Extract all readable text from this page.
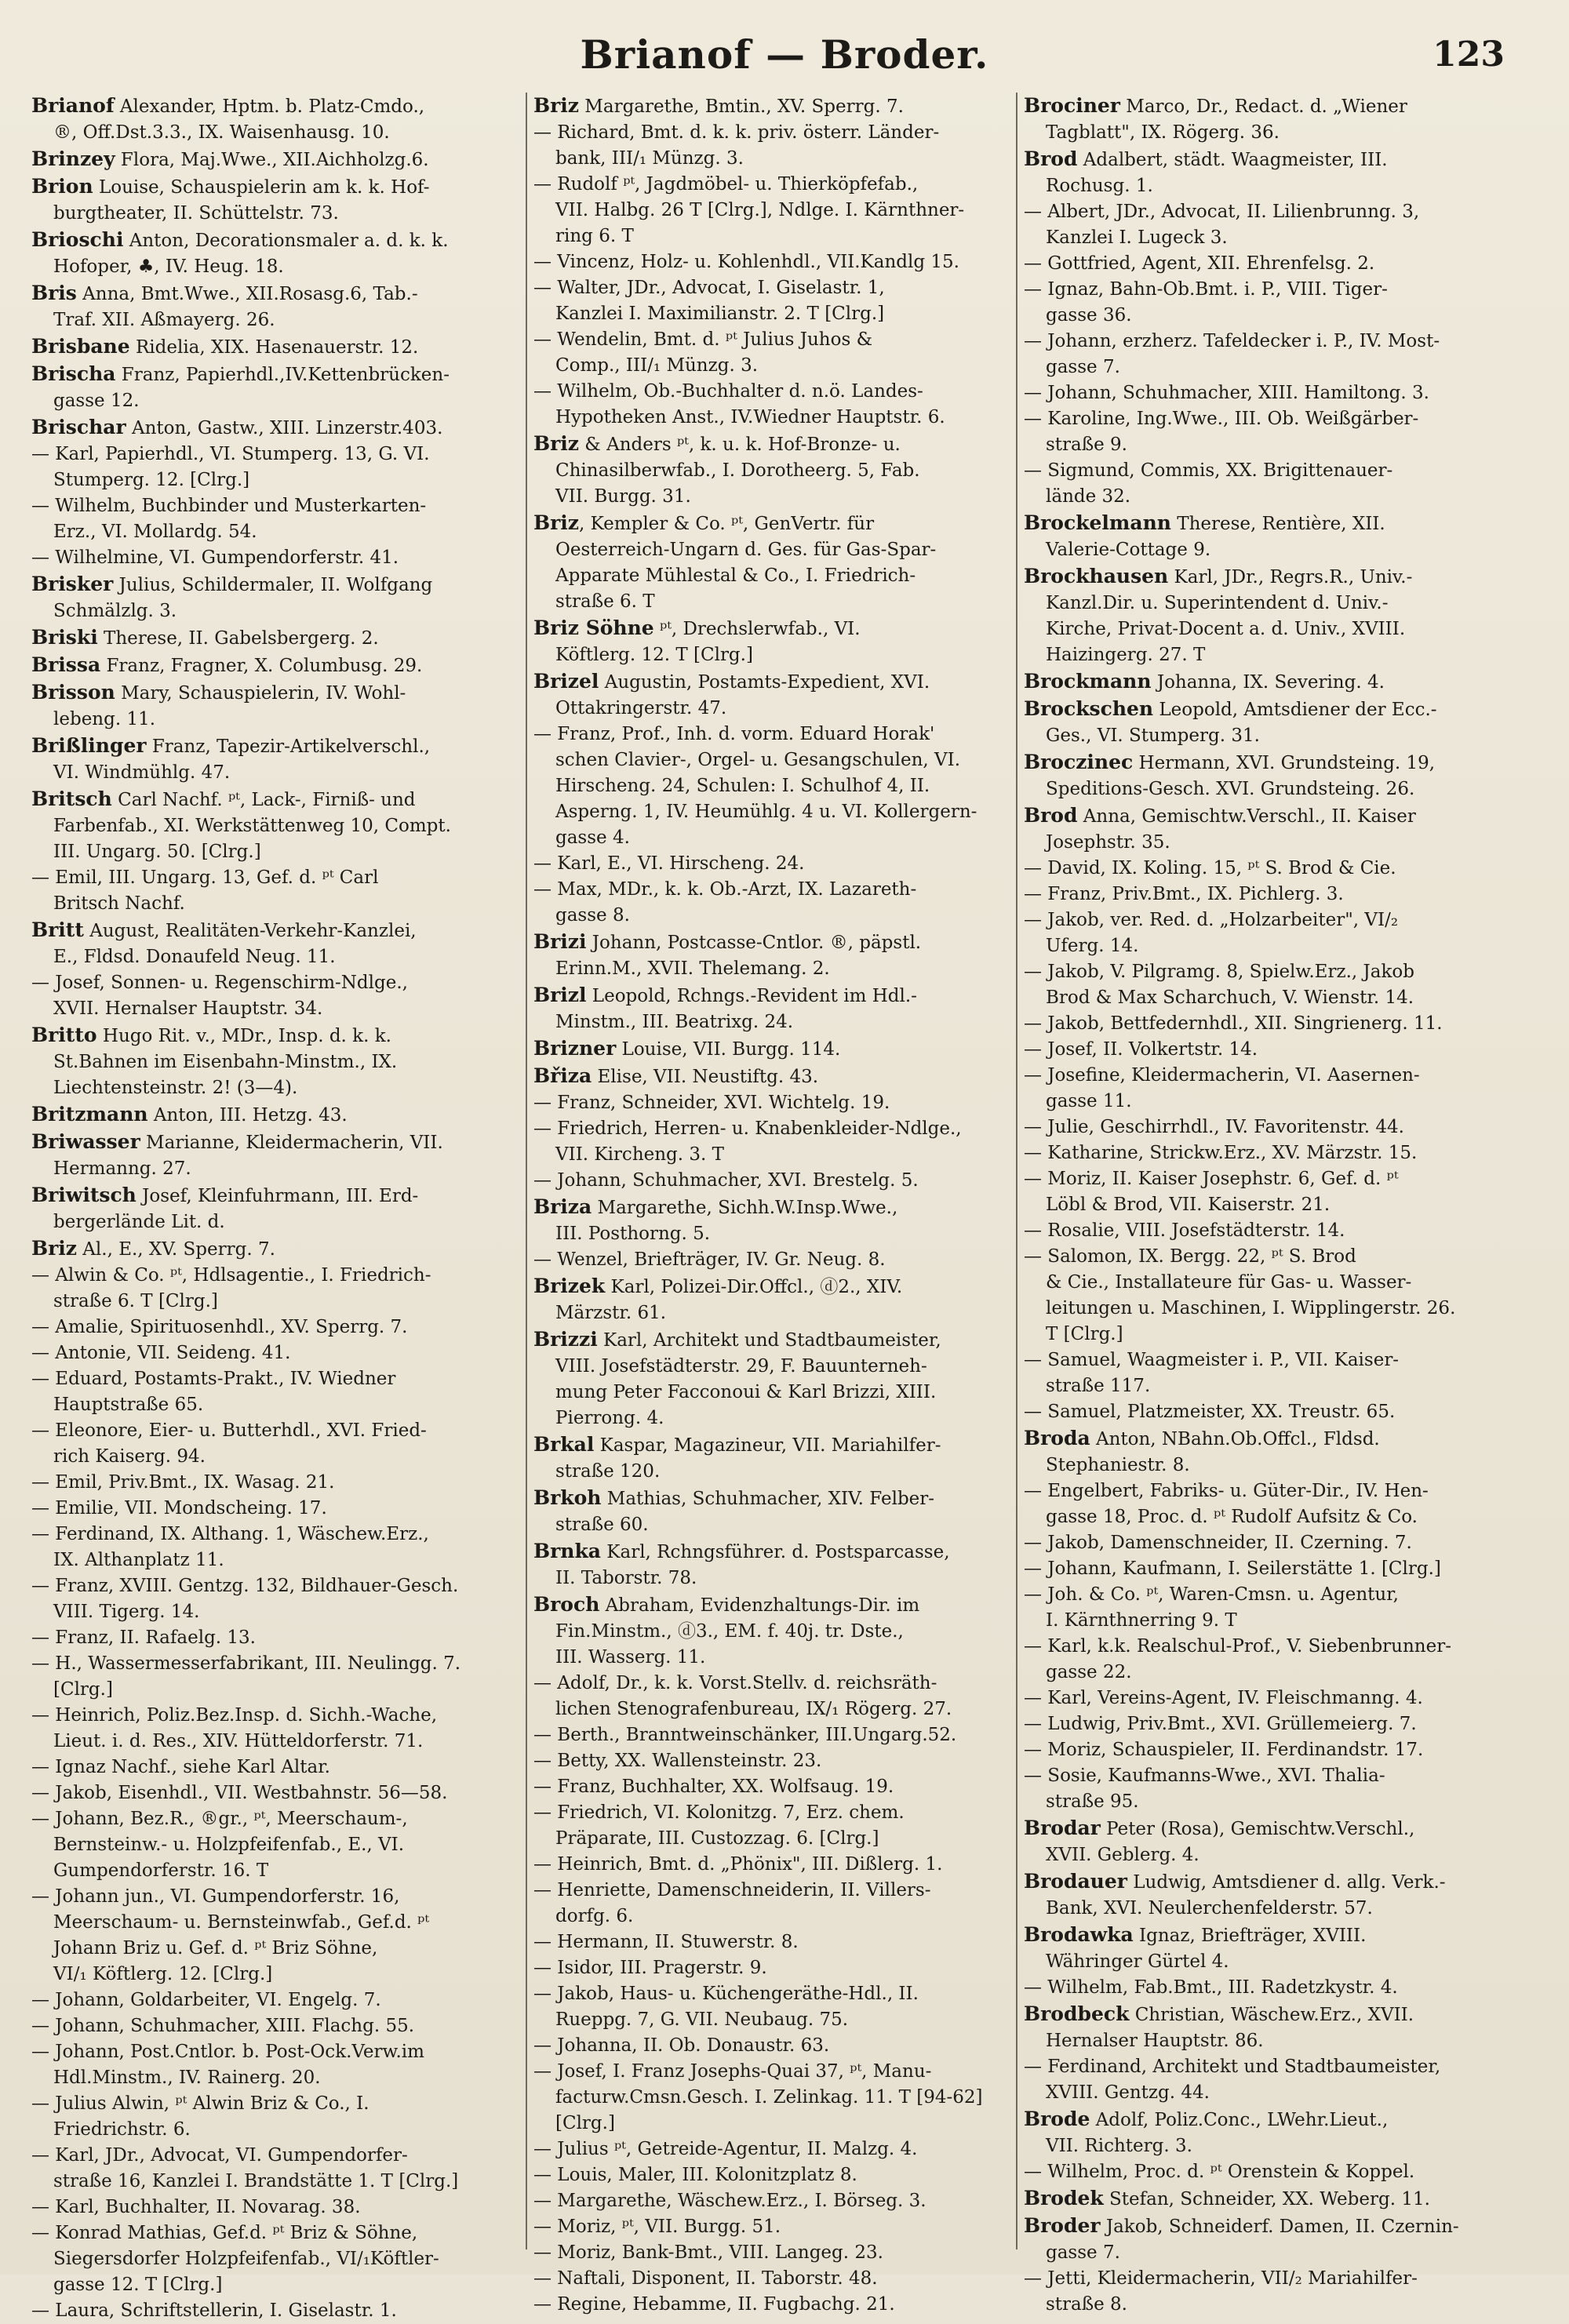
Brianof — Broder.	123
Brianof Alexander, Hptm. b. Platz-Cmdo.,
®, Off.Dst.3.3., IX. Waisenhausg. 10.
Brinzey Flora, Maj.Wwe., XII.Aichholzg.6.
Brion Louise, Schauspielerin am k. k. Hof-
burgtheater, II. Schüttelstr. 73.
Brioschi Anton, Decorationsmaler a. d. k. k.
Hofoper, ♣, IV. Heug. 18.
Bris Anna, Bmt.Wwe., XII.Rosasg.6, Tab.-
Traf. XII. Aßmayerg. 26.
Brisbane Ridelia, XIX. Hasenauerstr. 12.
Brischa Franz, Papierhdl.,IV.Kettenbrücken-
gasse 12.
Brischar Anton, Gastw., XIII. Linzerstr.403.
— Karl, Papierhdl., VI. Stumperg. 13, G. VI.
Stumperg. 12. [Clrg.]
— Wilhelm, Buchbinder und Musterkarten-
Erz., VI. Mollardg. 54.
— Wilhelmine, VI. Gumpendorferstr. 41.
Brisker Julius, Schildermaler, II. Wolfgang
Schmälzlg. 3.
Briski Therese, II. Gabelsbergerg. 2.
Brissa Franz, Fragner, X. Columbusg. 29.
Brisson Mary, Schauspielerin, IV. Wohl-
lebeng. 11.
Brißlinger Franz, Tapezir-Artikelverschl.,
VI. Windmühlg. 47.
Britsch Carl Nachf. ᵖᵗ, Lack-, Firniß- und
Farbenfab., XI. Werkstättenweg 10, Compt.
III. Ungarg. 50. [Clrg.]
— Emil, III. Ungarg. 13, Gef. d. ᵖᵗ Carl
Britsch Nachf.
Britt August, Realitäten-Verkehr-Kanzlei,
E., Fldsd. Donaufeld Neug. 11.
— Josef, Sonnen- u. Regenschirm-Ndlge.,
XVII. Hernalser Hauptstr. 34.
Britto Hugo Rit. v., MDr., Insp. d. k. k.
St.Bahnen im Eisenbahn-Minstm., IX.
Liechtensteinstr. 2! (3—4).
Britzmann Anton, III. Hetzg. 43.
Briwasser Marianne, Kleidermacherin, VII.
Hermanng. 27.
Briwitsch Josef, Kleinfuhrmann, III. Erd-
bergerlände Lit. d.
Briz Al., E., XV. Sperrg. 7.
— Alwin & Co. ᵖᵗ, Hdlsagentie., I. Friedrich-
straße 6. T [Clrg.]
— Amalie, Spirituosenhdl., XV. Sperrg. 7.
— Antonie, VII. Seideng. 41.
— Eduard, Postamts-Prakt., IV. Wiedner
Hauptstraße 65.
— Eleonore, Eier- u. Butterhdl., XVI. Fried-
rich Kaiserg. 94.
— Emil, Priv.Bmt., IX. Wasag. 21.
— Emilie, VII. Mondscheing. 17.
— Ferdinand, IX. Althang. 1, Wäschew.Erz.,
IX. Althanplatz 11.
— Franz, XVIII. Gentzg. 132, Bildhauer-Gesch.
VIII. Tigerg. 14.
— Franz, II. Rafaelg. 13.
— H., Wassermesserfabrikant, III. Neulingg. 7.
[Clrg.]
— Heinrich, Poliz.Bez.Insp. d. Sichh.-Wache,
Lieut. i. d. Res., XIV. Hütteldorferstr. 71.
— Ignaz Nachf., siehe Karl Altar.
— Jakob, Eisenhdl., VII. Westbahnstr. 56—58.
— Johann, Bez.R., ®gr., ᵖᵗ, Meerschaum-,
Bernsteinw.- u. Holzpfeifenfab., E., VI.
Gumpendorferstr. 16. T
— Johann jun., VI. Gumpendorferstr. 16,
Meerschaum- u. Bernsteinwfab., Gef.d. ᵖᵗ
Johann Briz u. Gef. d. ᵖᵗ Briz Söhne,
VI/₁ Köftlerg. 12. [Clrg.]
— Johann, Goldarbeiter, VI. Engelg. 7.
— Johann, Schuhmacher, XIII. Flachg. 55.
— Johann, Post.Cntlor. b. Post-Ock.Verw.im
Hdl.Minstm., IV. Rainerg. 20.
— Julius Alwin, ᵖᵗ Alwin Briz & Co., I.
Friedrichstr. 6.
— Karl, JDr., Advocat, VI. Gumpendorfer-
straße 16, Kanzlei I. Brandstätte 1. T [Clrg.]
— Karl, Buchhalter, II. Novarag. 38.
— Konrad Mathias, Gef.d. ᵖᵗ Briz & Söhne,
Siegersdorfer Holzpfeifenfab., VI/₁Köftler-
gasse 12. T [Clrg.]
— Laura, Schriftstellerin, I. Giselastr. 1.
Briz Margarethe, Bmtin., XV. Sperrg. 7.
— Richard, Bmt. d. k. k. priv. österr. Länder-
bank, III/₁ Münzg. 3.
— Rudolf ᵖᵗ, Jagdmöbel- u. Thierköpfefab.,
VII. Halbg. 26 T [Clrg.], Ndlge. I. Kärnthner-
ring 6. T
— Vincenz, Holz- u. Kohlenhdl., VII.Kandlg 15.
— Walter, JDr., Advocat, I. Giselastr. 1,
Kanzlei I. Maximilianstr. 2. T [Clrg.]
— Wendelin, Bmt. d. ᵖᵗ Julius Juhos &
Comp., III/₁ Münzg. 3.
— Wilhelm, Ob.-Buchhalter d. n.ö. Landes-
Hypotheken Anst., IV.Wiedner Hauptstr. 6.
Briz & Anders ᵖᵗ, k. u. k. Hof-Bronze- u.
Chinasilberwfab., I. Dorotheerg. 5, Fab.
VII. Burgg. 31.
Briz, Kempler & Co. ᵖᵗ, GenVertr. für
Oesterreich-Ungarn d. Ges. für Gas-Spar-
Apparate Mühlestal & Co., I. Friedrich-
straße 6. T
Briz Söhne ᵖᵗ, Drechslerwfab., VI.
Köftlerg. 12. T [Clrg.]
Brizel Augustin, Postamts-Expedient, XVI.
Ottakringerstr. 47.
— Franz, Prof., Inh. d. vorm. Eduard Horak'
schen Clavier-, Orgel- u. Gesangschulen, VI.
Hirscheng. 24, Schulen: I. Schulhof 4, II.
Asperng. 1, IV. Heumühlg. 4 u. VI. Kollergern-
gasse 4.
— Karl, E., VI. Hirscheng. 24.
— Max, MDr., k. k. Ob.-Arzt, IX. Lazareth-
gasse 8.
Brizi Johann, Postcasse-Cntlor. ®, päpstl.
Erinn.M., XVII. Thelemang. 2.
Brizl Leopold, Rchngs.-Revident im Hdl.-
Minstm., III. Beatrixg. 24.
Brizner Louise, VII. Burgg. 114.
Břiza Elise, VII. Neustiftg. 43.
— Franz, Schneider, XVI. Wichtelg. 19.
— Friedrich, Herren- u. Knabenkleider-Ndlge.,
VII. Kircheng. 3. T
— Johann, Schuhmacher, XVI. Brestelg. 5.
Briza Margarethe, Sichh.W.Insp.Wwe.,
III. Posthorng. 5.
— Wenzel, Briefträger, IV. Gr. Neug. 8.
Brizek Karl, Polizei-Dir.Offcl., ⓓ2., XIV.
Märzstr. 61.
Brizzi Karl, Architekt und Stadtbaumeister,
VIII. Josefstädterstr. 29, F. Bauunterneh-
mung Peter Facconoui & Karl Brizzi, XIII.
Pierrong. 4.
Brkal Kaspar, Magazineur, VII. Mariahilfer-
straße 120.
Brkoh Mathias, Schuhmacher, XIV. Felber-
straße 60.
Brnka Karl, Rchngsführer. d. Postsparcasse,
II. Taborstr. 78.
Broch Abraham, Evidenzhaltungs-Dir. im
Fin.Minstm., ⓓ3., EM. f. 40j. tr. Dste.,
III. Wasserg. 11.
— Adolf, Dr., k. k. Vorst.Stellv. d. reichsräth-
lichen Stenografenbureau, IX/₁ Rögerg. 27.
— Berth., Branntweinschänker, III.Ungarg.52.
— Betty, XX. Wallensteinstr. 23.
— Franz, Buchhalter, XX. Wolfsaug. 19.
— Friedrich, VI. Kolonitzg. 7, Erz. chem.
Präparate, III. Custozzag. 6. [Clrg.]
— Heinrich, Bmt. d. „Phönix", III. Dißlerg. 1.
— Henriette, Damenschneiderin, II. Villers-
dorfg. 6.
— Hermann, II. Stuwerstr. 8.
— Isidor, III. Pragerstr. 9.
— Jakob, Haus- u. Küchengeräthe-Hdl., II.
Rueppg. 7, G. VII. Neubaug. 75.
— Johanna, II. Ob. Donaustr. 63.
— Josef, I. Franz Josephs-Quai 37, ᵖᵗ, Manu-
facturw.Cmsn.Gesch. I. Zelinkag. 11. T [94-62]
[Clrg.]
— Julius ᵖᵗ, Getreide-Agentur, II. Malzg. 4.
— Louis, Maler, III. Kolonitzplatz 8.
— Margarethe, Wäschew.Erz., I. Börseg. 3.
— Moriz, ᵖᵗ, VII. Burgg. 51.
— Moriz, Bank-Bmt., VIII. Langeg. 23.
— Naftali, Disponent, II. Taborstr. 48.
— Regine, Hebamme, II. Fugbachg. 21.
Brociner Marco, Dr., Redact. d. „Wiener
Tagblatt", IX. Rögerg. 36.
Brod Adalbert, städt. Waagmeister, III.
Rochusg. 1.
— Albert, JDr., Advocat, II. Lilienbrunng. 3,
Kanzlei I. Lugeck 3.
— Gottfried, Agent, XII. Ehrenfelsg. 2.
— Ignaz, Bahn-Ob.Bmt. i. P., VIII. Tiger-
gasse 36.
— Johann, erzherz. Tafeldecker i. P., IV. Most-
gasse 7.
— Johann, Schuhmacher, XIII. Hamiltong. 3.
— Karoline, Ing.Wwe., III. Ob. Weißgärber-
straße 9.
— Sigmund, Commis, XX. Brigittenauer-
lände 32.
Brockelmann Therese, Rentière, XII.
Valerie-Cottage 9.
Brockhausen Karl, JDr., Regrs.R., Univ.-
Kanzl.Dir. u. Superintendent d. Univ.-
Kirche, Privat-Docent a. d. Univ., XVIII.
Haizingerg. 27. T
Brockmann Johanna, IX. Severing. 4.
Brockschen Leopold, Amtsdiener der Ecc.-
Ges., VI. Stumperg. 31.
Broczinec Hermann, XVI. Grundsteing. 19,
Speditions-Gesch. XVI. Grundsteing. 26.
Brod Anna, Gemischtw.Verschl., II. Kaiser
Josephstr. 35.
— David, IX. Koling. 15, ᵖᵗ S. Brod & Cie.
— Franz, Priv.Bmt., IX. Pichlerg. 3.
— Jakob, ver. Red. d. „Holzarbeiter", VI/₂
Uferg. 14.
— Jakob, V. Pilgramg. 8, Spielw.Erz., Jakob
Brod & Max Scharchuch, V. Wienstr. 14.
— Jakob, Bettfedernhdl., XII. Singrienerg. 11.
— Josef, II. Volkertstr. 14.
— Josefine, Kleidermacherin, VI. Aasernen-
gasse 11.
— Julie, Geschirrhdl., IV. Favoritenstr. 44.
— Katharine, Strickw.Erz., XV. Märzstr. 15.
— Moriz, II. Kaiser Josephstr. 6, Gef. d. ᵖᵗ
Löbl & Brod, VII. Kaiserstr. 21.
— Rosalie, VIII. Josefstädterstr. 14.
— Salomon, IX. Bergg. 22, ᵖᵗ S. Brod
& Cie., Installateure für Gas- u. Wasser-
leitungen u. Maschinen, I. Wipplingerstr. 26.
T [Clrg.]
— Samuel, Waagmeister i. P., VII. Kaiser-
straße 117.
— Samuel, Platzmeister, XX. Treustr. 65.
Broda Anton, NBahn.Ob.Offcl., Fldsd.
Stephaniestr. 8.
— Engelbert, Fabriks- u. Güter-Dir., IV. Hen-
gasse 18, Proc. d. ᵖᵗ Rudolf Aufsitz & Co.
— Jakob, Damenschneider, II. Czerning. 7.
— Johann, Kaufmann, I. Seilerstätte 1. [Clrg.]
— Joh. & Co. ᵖᵗ, Waren-Cmsn. u. Agentur,
I. Kärnthnerring 9. T
— Karl, k.k. Realschul-Prof., V. Siebenbrunner-
gasse 22.
— Karl, Vereins-Agent, IV. Fleischmanng. 4.
— Ludwig, Priv.Bmt., XVI. Grüllemeierg. 7.
— Moriz, Schauspieler, II. Ferdinandstr. 17.
— Sosie, Kaufmanns-Wwe., XVI. Thalia-
straße 95.
Brodar Peter (Rosa), Gemischtw.Verschl.,
XVII. Geblerg. 4.
Brodauer Ludwig, Amtsdiener d. allg. Verk.-
Bank, XVI. Neulerchenfelderstr. 57.
Brodawka Ignaz, Briefträger, XVIII.
Währinger Gürtel 4.
— Wilhelm, Fab.Bmt., III. Radetzkystr. 4.
Brodbeck Christian, Wäschew.Erz., XVII.
Hernalser Hauptstr. 86.
— Ferdinand, Architekt und Stadtbaumeister,
XVIII. Gentzg. 44.
Brode Adolf, Poliz.Conc., LWehr.Lieut.,
VII. Richterg. 3.
— Wilhelm, Proc. d. ᵖᵗ Orenstein & Koppel.
Brodek Stefan, Schneider, XX. Weberg. 11.
Broder Jakob, Schneiderf. Damen, II. Czernin-
gasse 7.
— Jetti, Kleidermacherin, VII/₂ Mariahilfer-
straße 8.
